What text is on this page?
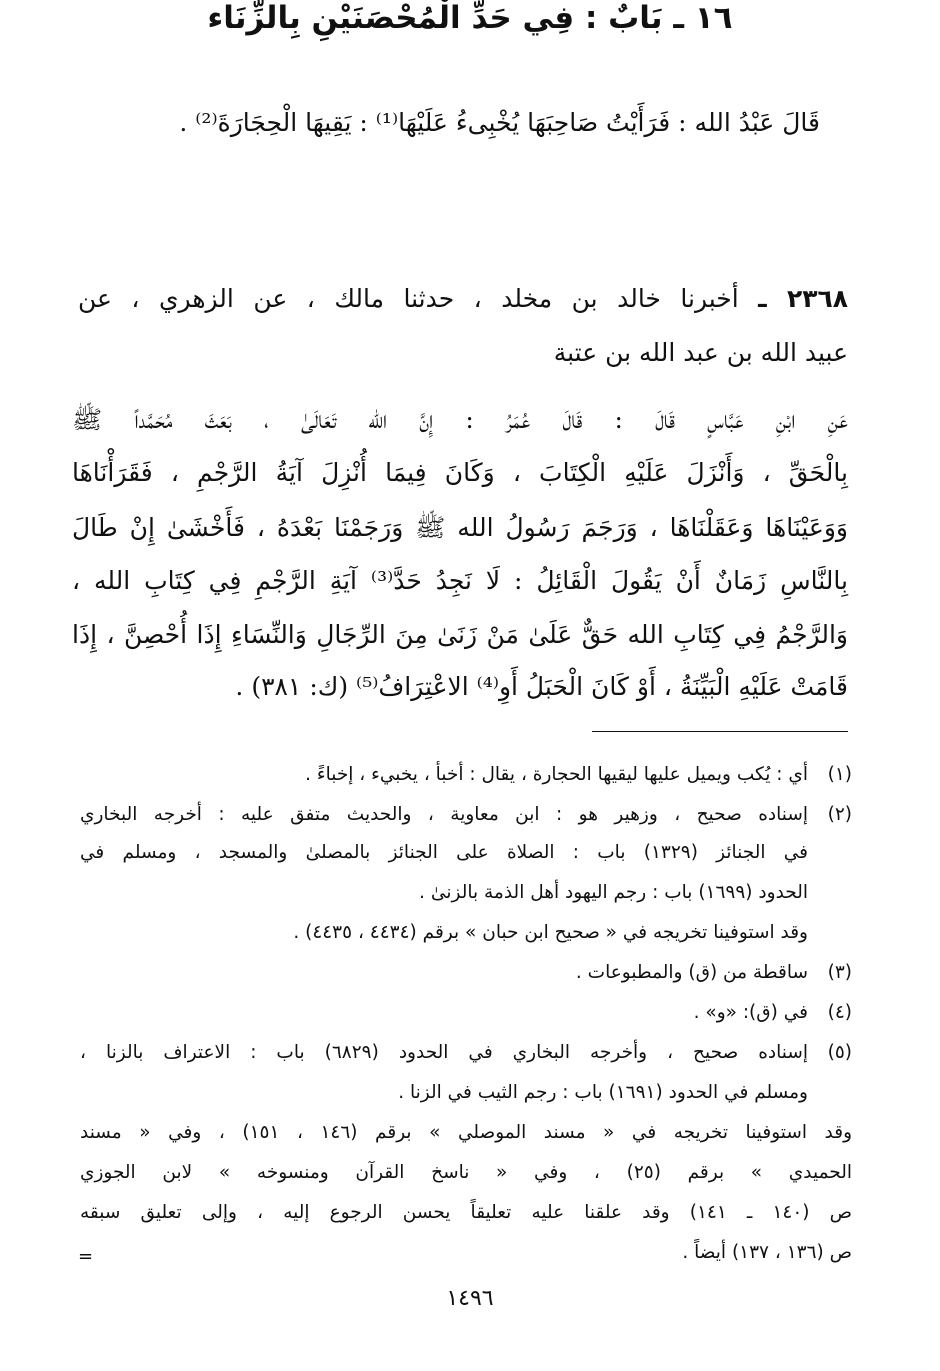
قَالَ عَبْدُ الله : فَرَأَيْتُ صَاحِبَهَا يُخْبِىءُ عَلَيْهَا⁽¹⁾ : يَقِيهَا الْحِجَارَةَ⁽²⁾ .
١٦ ـ بَابٌ : فِي حَدِّ الْمُحْصَنَيْنِ بِالزِّنَاء
٢٣٦٨ ـ أخبرنا خالد بن مخلد ، حدثنا مالك ، عن الزهري ، عن
عبيد الله بن عبد الله بن عتبة
عَنِ ابْنِ عَبَّاسٍ قَالَ : قَالَ عُمَرُ : إِنَّ الله تَعَالَىٰ ، بَعَثَ مُحَمَّداً ﷺ
بِالْحَقِّ ، وَأَنْزَلَ عَلَيْهِ الْكِتَابَ ، وَكَانَ فِيمَا أُنْزِلَ آيَةُ الرَّجْمِ ، فَقَرَأْنَاهَا
وَوَعَيْنَاهَا وَعَقَلْنَاهَا ، وَرَجَمَ رَسُولُ الله ﷺ وَرَجَمْنَا بَعْدَهُ ، فَأَخْشَىٰ إِنْ طَالَ
بِالنَّاسِ زَمَانٌ أَنْ يَقُولَ الْقَائِلُ : لَا نَجِدُ حَدَّ⁽³⁾ آيَةِ الرَّجْمِ فِي كِتَابِ الله ،
وَالرَّجْمُ فِي كِتَابِ الله حَقٌّ عَلَىٰ مَنْ زَنَىٰ مِنَ الرِّجَالِ وَالنِّسَاءِ إِذَا أُحْصِنَّ ، إِذَا
قَامَتْ عَلَيْهِ الْبَيِّنَةُ ، أَوْ كَانَ الْحَبَلُ أَوِ⁽⁴⁾ الاعْتِرَافُ⁽⁵⁾ (ك: ٣٨١) .
(١)
أي : يُكب ويميل عليها ليقيها الحجارة ، يقال : أخبأ ، يخبيء ، إخباءً .
(٢)
إسناده صحيح ، وزهير هو : ابن معاوية ، والحديث متفق عليه : أخرجه البخاري
في الجنائز (١٣٢٩) باب : الصلاة على الجنائز بالمصلىٰ والمسجد ، ومسلم في
الحدود (١٦٩٩) باب : رجم اليهود أهل الذمة بالزنىٰ .
وقد استوفينا تخريجه في « صحيح ابن حبان » برقم (٤٤٣٤ ، ٤٤٣٥) .
(٣)
ساقطة من (ق) والمطبوعات .
(٤)
في (ق): «و» .
(٥)
إسناده صحيح ، وأخرجه البخاري في الحدود (٦٨٢٩) باب : الاعتراف بالزنا ،
ومسلم في الحدود (١٦٩١) باب : رجم الثيب في الزنا .
وقد استوفينا تخريجه في « مسند الموصلي » برقم (١٤٦ ، ١٥١) ، وفي « مسند
الحميدي » برقم (٢٥) ، وفي « ناسخ القرآن ومنسوخه » لابن الجوزي
ص (١٤٠ ـ ١٤١) وقد علقنا عليه تعليقاً يحسن الرجوع إليه ، وإلى تعليق سبقه
ص (١٣٦ ، ١٣٧) أيضاً .
=
١٤٩٦
